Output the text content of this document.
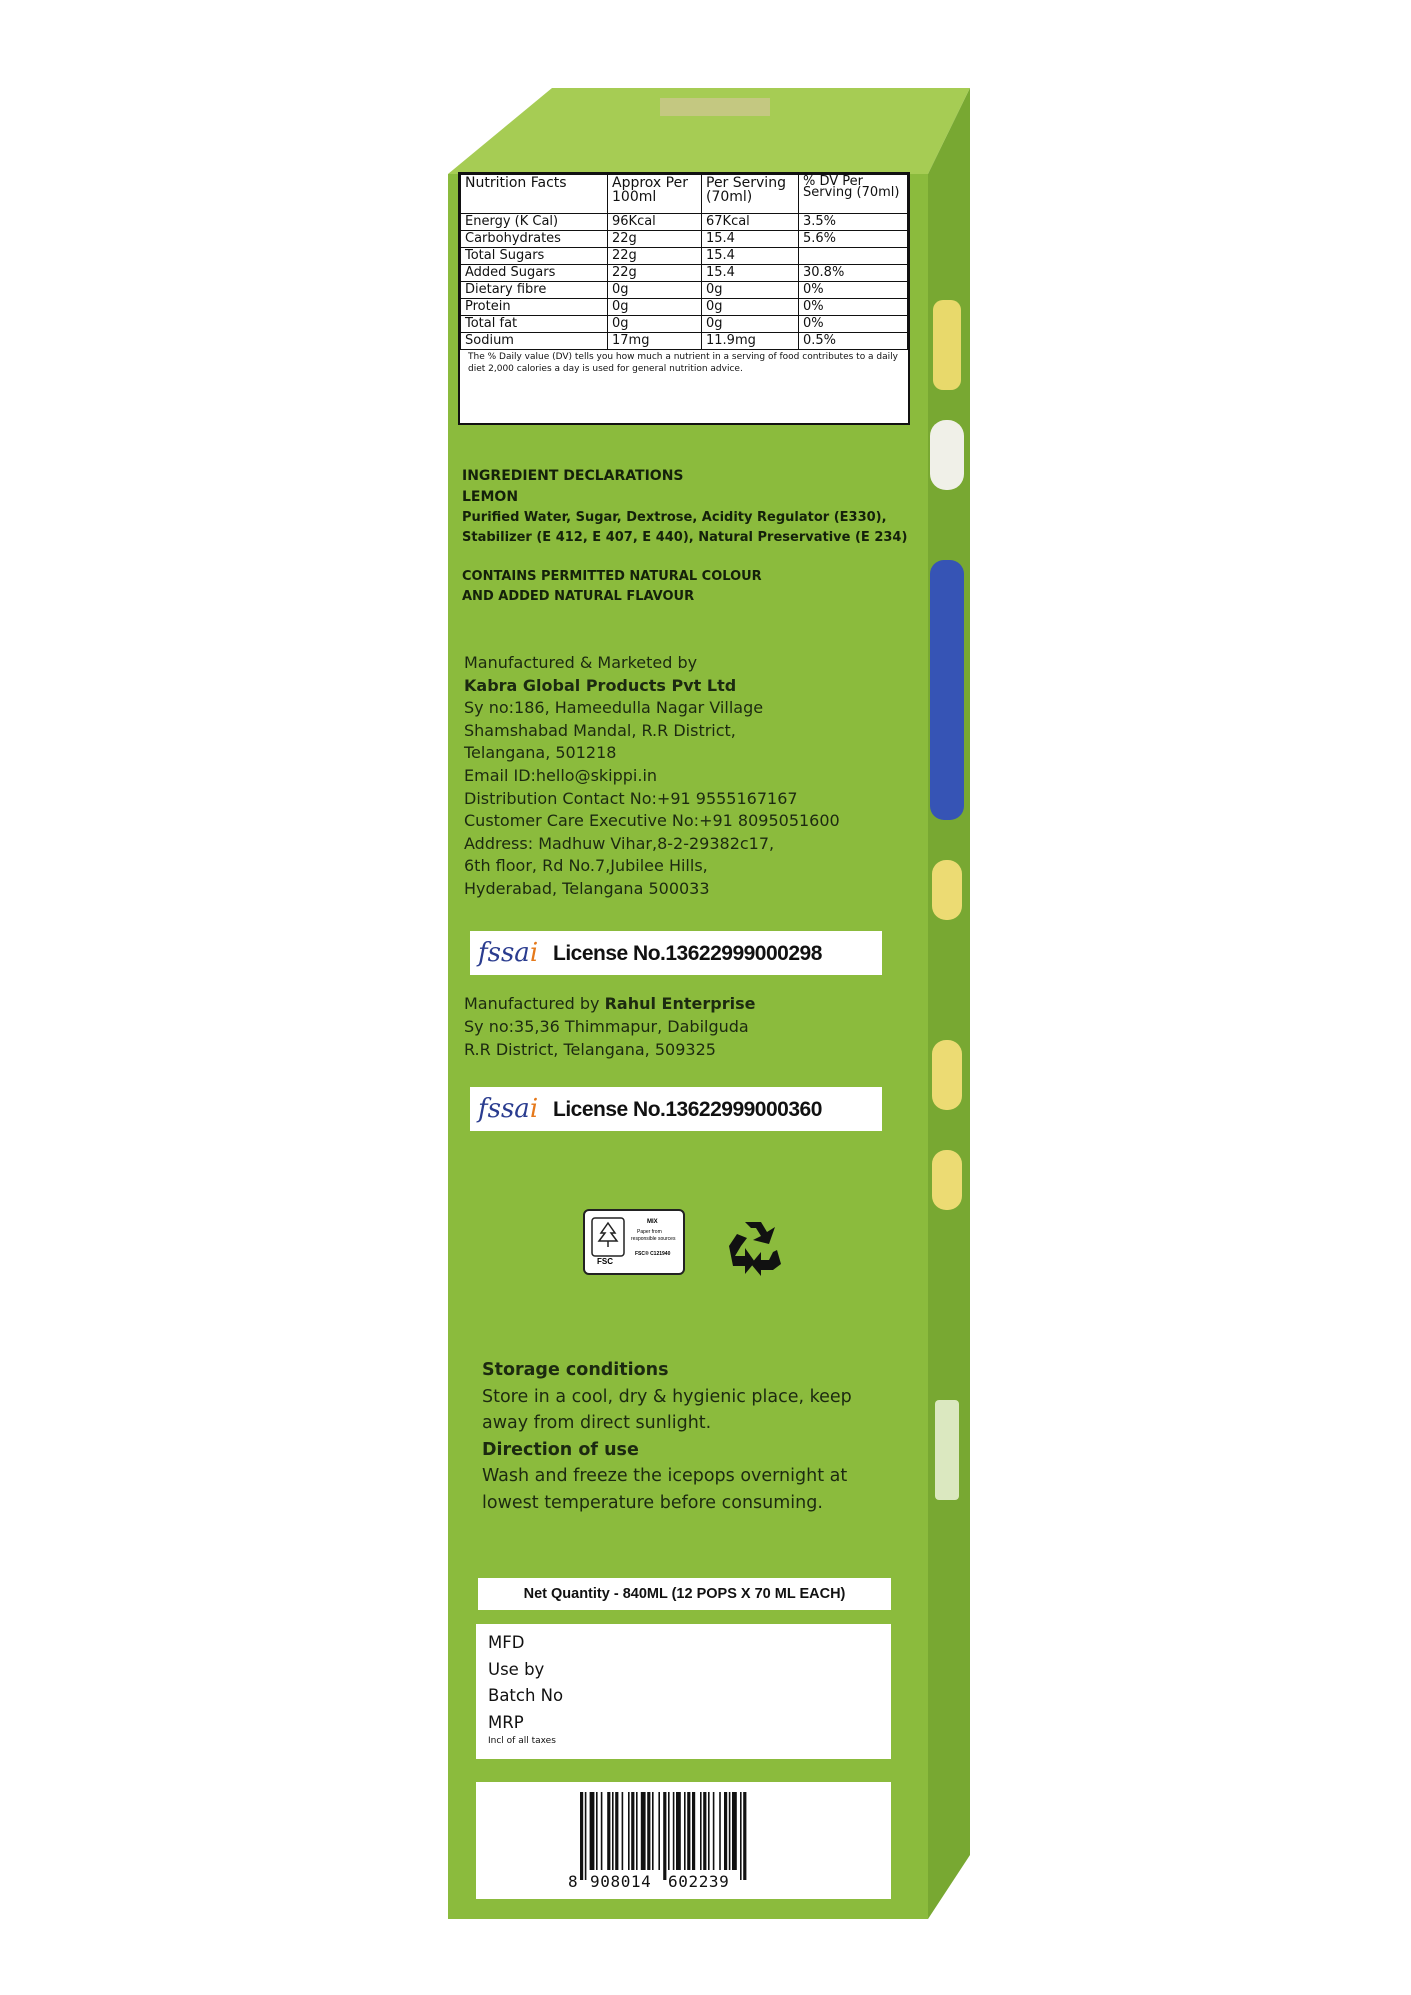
Nutrition Facts	Approx Per 100ml	Per Serving (70ml)	% DV Per Serving (70ml)
Energy (K Cal)	96Kcal	67Kcal	3.5%
Carbohydrates	22g	15.4	5.6%
Total Sugars	22g	15.4	
Added Sugars	22g	15.4	30.8%
Dietary fibre	0g	0g	0%
Protein	0g	0g	0%
Total fat	0g	0g	0%
Sodium	17mg	11.9mg	0.5%
The % Daily value (DV) tells you how much a nutrient in a serving of food contributes to a daily diet 2,000 calories a day is used for general nutrition advice.
INGREDIENT DECLARATIONS
LEMON
Purified Water, Sugar, Dextrose, Acidity Regulator (E330),
Stabilizer (E 412, E 407, E 440), Natural Preservative (E 234)
CONTAINS PERMITTED NATURAL COLOUR
AND ADDED NATURAL FLAVOUR
Manufactured & Marketed by
Kabra Global Products Pvt Ltd
Sy no:186, Hameedulla Nagar Village
Shamshabad Mandal, R.R District,
Telangana, 501218
Email ID:hello@skippi.in
Distribution Contact No:+91 9555167167
Customer Care Executive No:+91 8095051600
Address: Madhuw Vihar,8-2-29382c17,
6th floor, Rd No.7,Jubilee Hills,
Hyderabad, Telangana 500033
fssai License No.13622999000298
Manufactured by Rahul Enterprise
Sy no:35,36 Thimmapur, Dabilguda
R.R District, Telangana, 509325
fssai License No.13622999000360
FSC
MIX
Paper from
responsible sources
FSC® C121940
Storage conditions
Store in a cool, dry & hygienic place, keep
away from direct sunlight.
Direction of use
Wash and freeze the icepops overnight at
lowest temperature before consuming.
Net Quantity - 840ML (12 POPS X 70 ML EACH)
MFD
Use by
Batch No
MRP
Incl of all taxes
8 908014 602239
